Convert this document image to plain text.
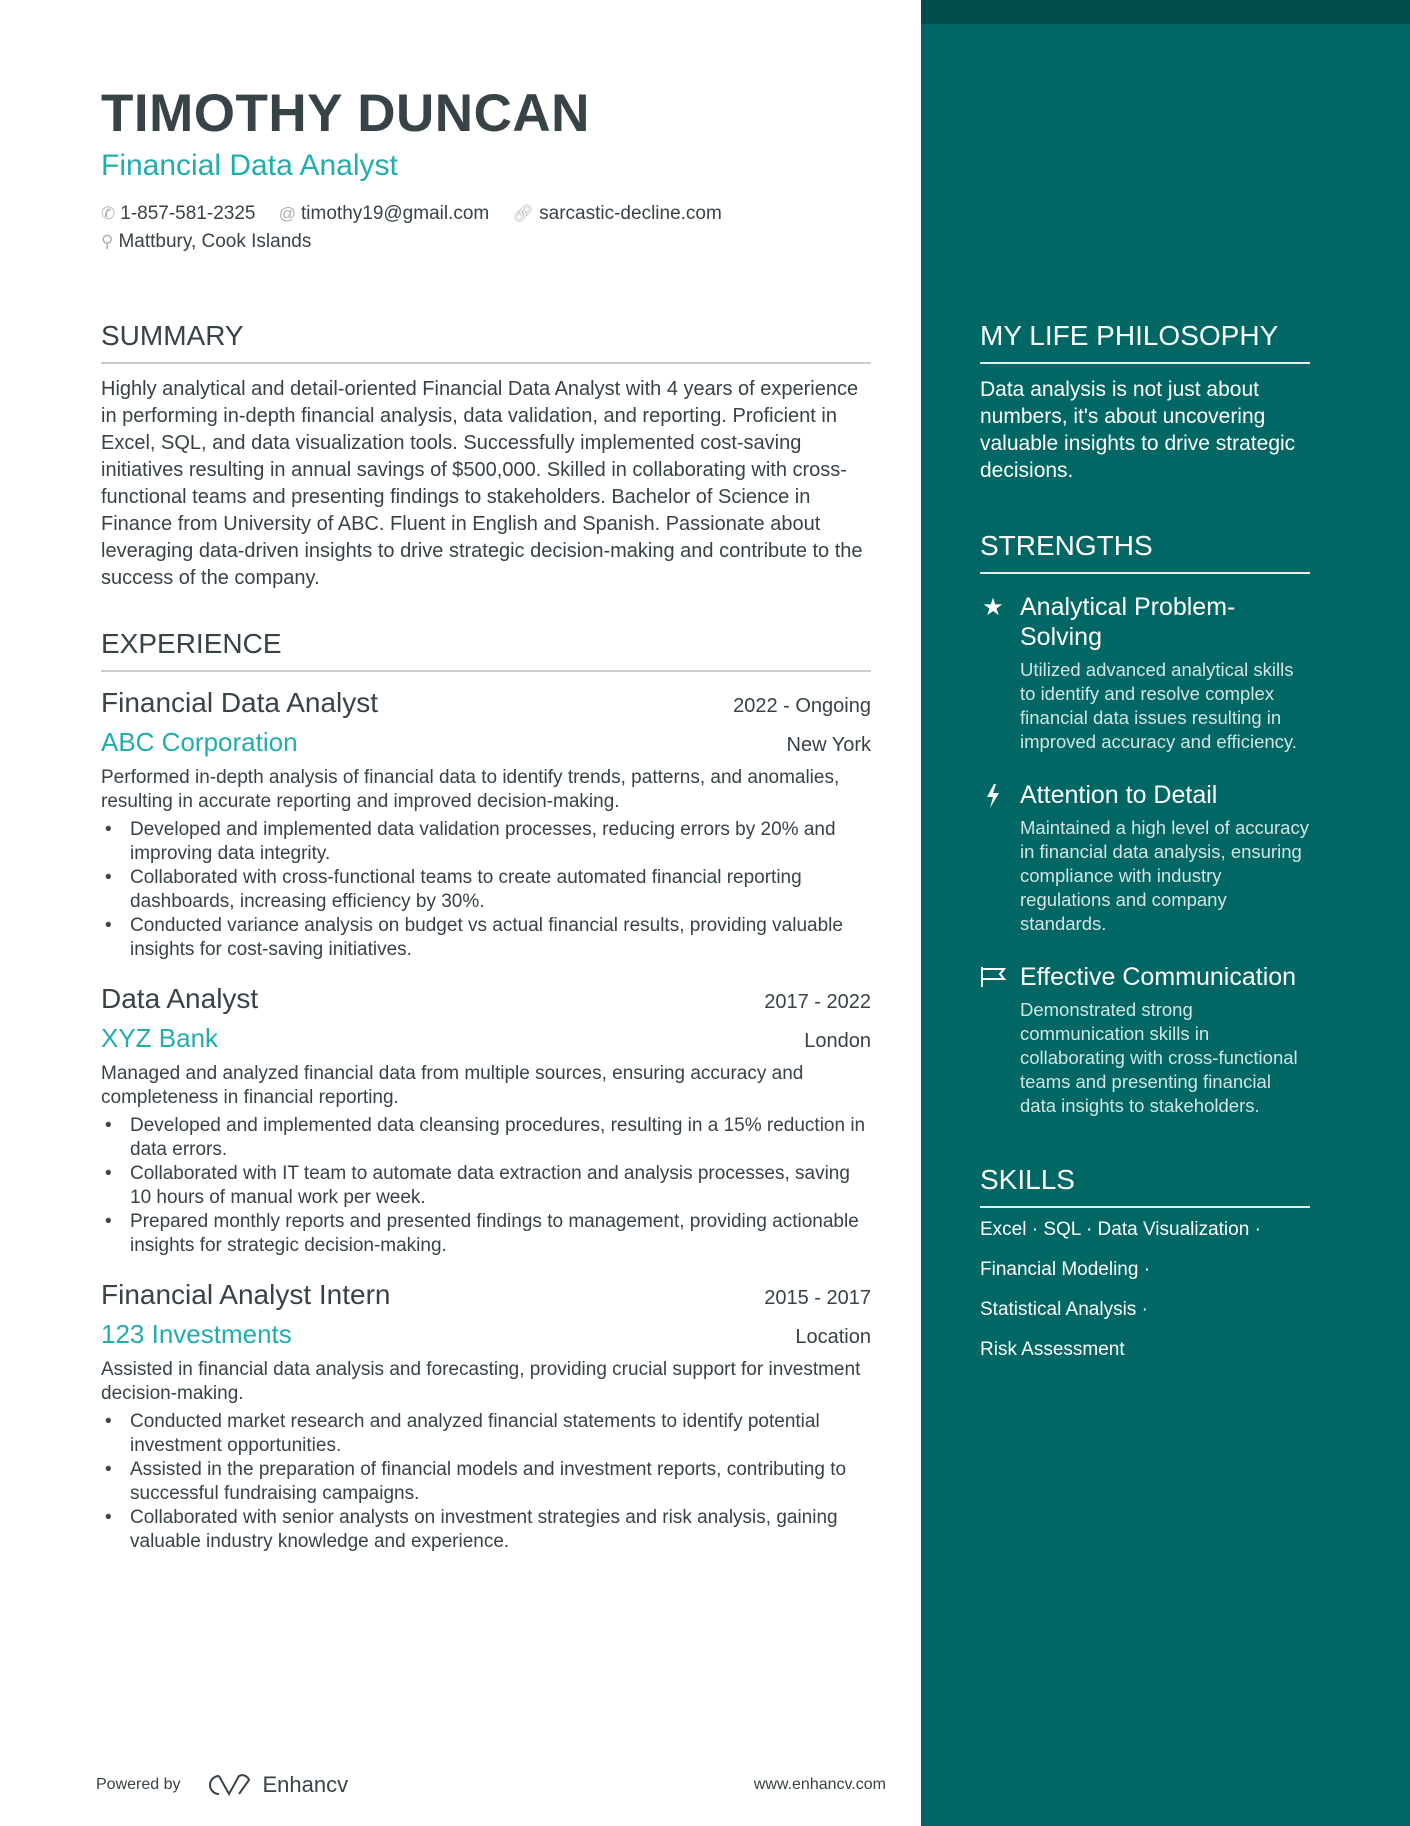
TIMOTHY DUNCAN
Financial Data Analyst
✆ 1-857-581-2325
@ timothy19@gmail.com
🔗︎ sarcastic-decline.com

⚲ Mattbury, Cook Islands
SUMMARY
Highly analytical and detail-oriented Financial Data Analyst with 4 years of experience in performing in-depth financial analysis, data validation, and reporting. Proficient in Excel, SQL, and data visualization tools. Successfully implemented cost-saving initiatives resulting in annual savings of $500,000. Skilled in collaborating with cross-functional teams and presenting findings to stakeholders. Bachelor of Science in Finance from University of ABC. Fluent in English and Spanish. Passionate about leveraging data-driven insights to drive strategic decision-making and contribute to the success of the company.
EXPERIENCE
Financial Data Analyst	2022 - Ongoing
ABC Corporation	New York
Performed in-depth analysis of financial data to identify trends, patterns, and anomalies, resulting in accurate reporting and improved decision-making.
• Developed and implemented data validation processes, reducing errors by 20% and improving data integrity.
• Collaborated with cross-functional teams to create automated financial reporting dashboards, increasing efficiency by 30%.
• Conducted variance analysis on budget vs actual financial results, providing valuable insights for cost-saving initiatives.
Data Analyst	2017 - 2022
XYZ Bank	London
Managed and analyzed financial data from multiple sources, ensuring accuracy and completeness in financial reporting.
• Developed and implemented data cleansing procedures, resulting in a 15% reduction in data errors.
• Collaborated with IT team to automate data extraction and analysis processes, saving 10 hours of manual work per week.
• Prepared monthly reports and presented findings to management, providing actionable insights for strategic decision-making.
Financial Analyst Intern	2015 - 2017
123 Investments	Location
Assisted in financial data analysis and forecasting, providing crucial support for investment decision-making.
• Conducted market research and analyzed financial statements to identify potential investment opportunities.
• Assisted in the preparation of financial models and investment reports, contributing to successful fundraising campaigns.
• Collaborated with senior analysts on investment strategies and risk analysis, gaining valuable industry knowledge and experience.
Powered by	Enhancv	www.enhancv.com
MY LIFE PHILOSOPHY
Data analysis is not just about numbers, it's about uncovering valuable insights to drive strategic decisions.
STRENGTHS
★ Analytical Problem-Solving
Utilized advanced analytical skills to identify and resolve complex financial data issues resulting in improved accuracy and efficiency.
Attention to Detail
Maintained a high level of accuracy in financial data analysis, ensuring compliance with industry regulations and company standards.
Effective Communication
Demonstrated strong communication skills in collaborating with cross-functional teams and presenting financial data insights to stakeholders.
SKILLS
Excel · SQL · Data Visualization ·
Financial Modeling ·
Statistical Analysis ·
Risk Assessment
